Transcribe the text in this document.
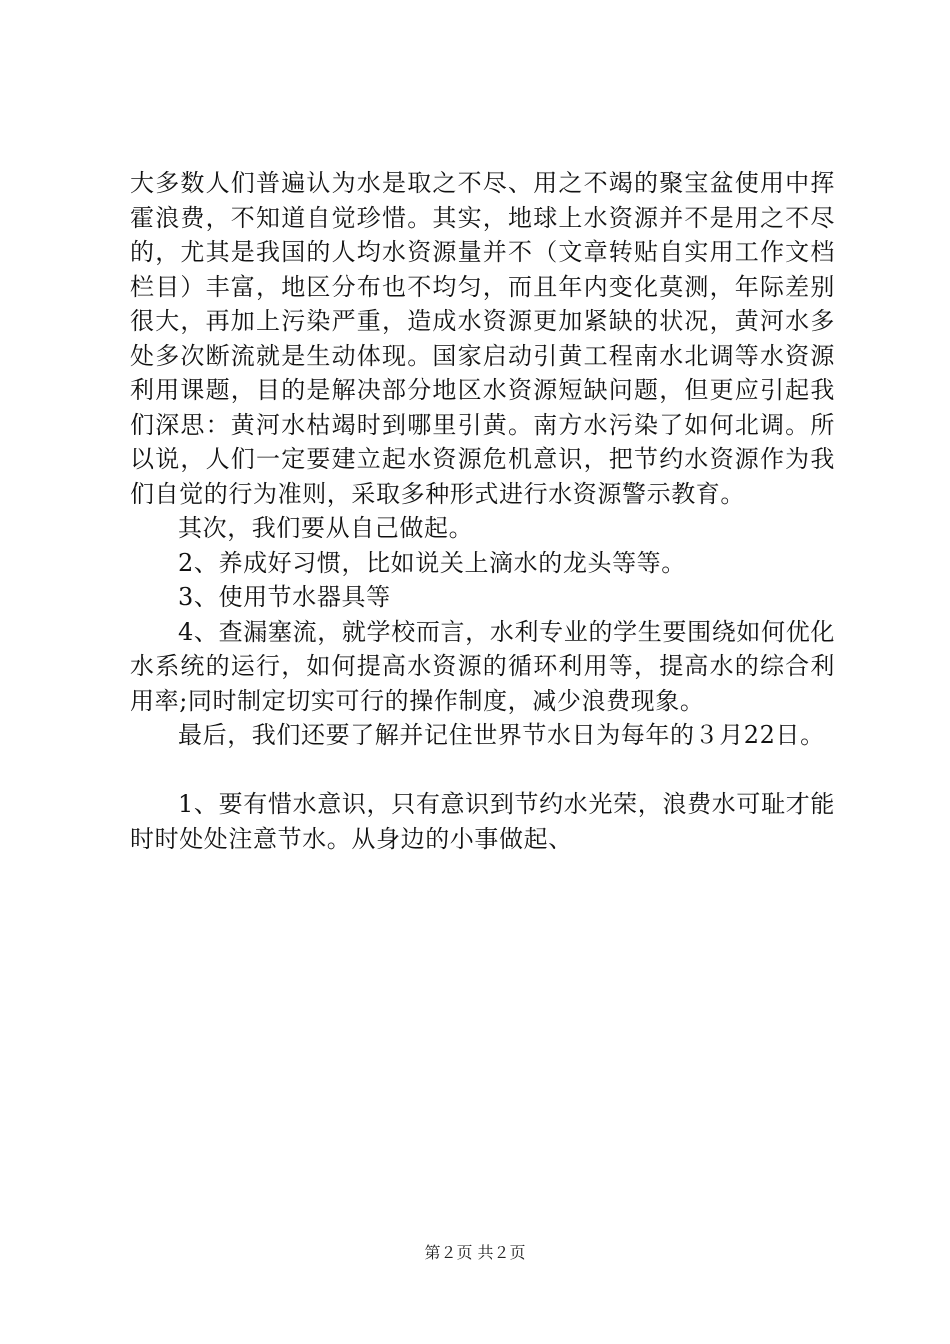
大多数人们普遍认为水是取之不尽、用之不竭的聚宝盆使用中挥霍浪费，不知道自觉珍惜。其实，地球上水资源并不是用之不尽的，尤其是我国的人均水资源量并不（文章转贴自实用工作文档栏目）丰富，地区分布也不均匀，而且年内变化莫测，年际差别很大，再加上污染严重，造成水资源更加紧缺的状况，黄河水多处多次断流就是生动体现。国家启动引黄工程南水北调等水资源利用课题，目的是解决部分地区水资源短缺问题，但更应引起我们深思：黄河水枯竭时到哪里引黄。南方水污染了如何北调。所以说，人们一定要建立起水资源危机意识，把节约水资源作为我们自觉的行为准则，采取多种形式进行水资源警示教育。

其次，我们要从自己做起。

2、养成好习惯，比如说关上滴水的龙头等等。

3、使用节水器具等

4、查漏塞流，就学校而言，水利专业的学生要围绕如何优化水系统的运行，如何提高水资源的循环利用等，提高水的综合利用率;同时制定切实可行的操作制度，减少浪费现象。

最后，我们还要了解并记住世界节水日为每年的３月22日。

1、要有惜水意识，只有意识到节约水光荣，浪费水可耻才能时时处处注意节水。从身边的小事做起、

第２页 共２页
